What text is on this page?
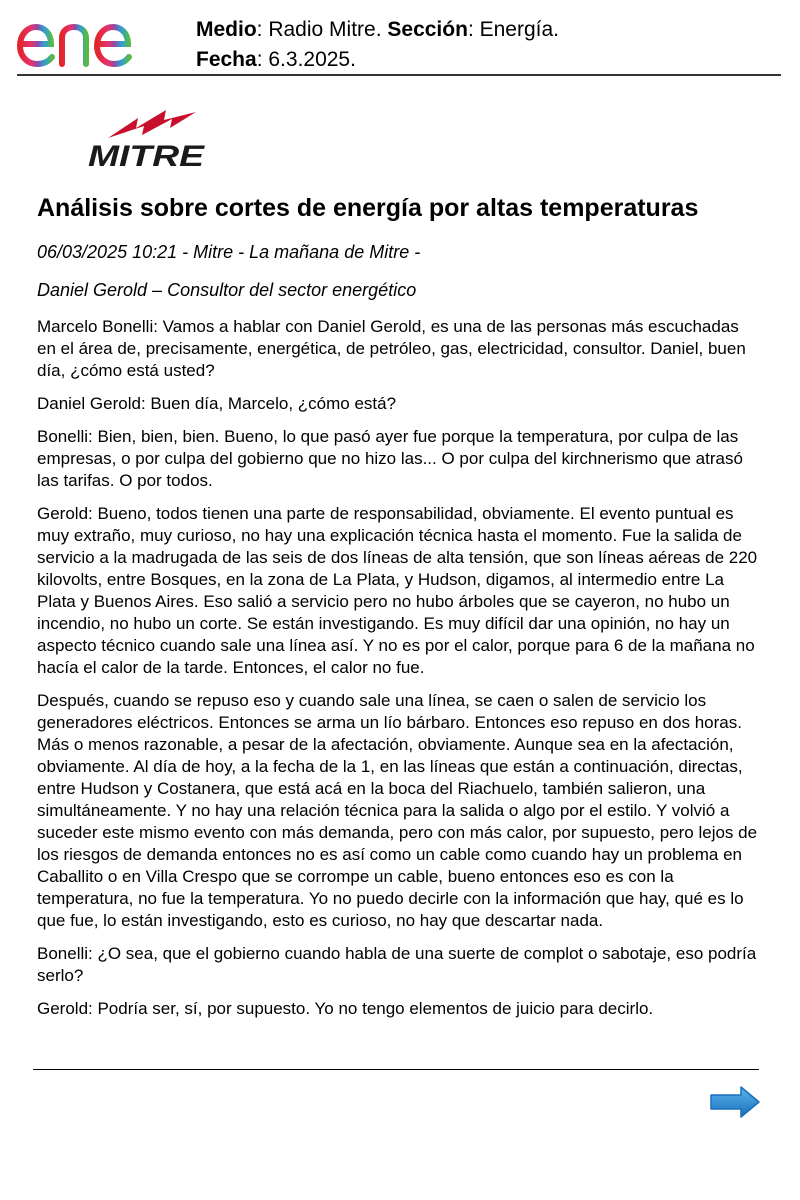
Medio: Radio Mitre. Sección: Energía.
Fecha: 6.3.2025.
MITRE
Análisis sobre cortes de energía por altas temperaturas

06/03/2025 10:21 - Mitre - La mañana de Mitre -

Daniel Gerold – Consultor del sector energético

Marcelo Bonelli: Vamos a hablar con Daniel Gerold, es una de las personas más escuchadas en el área de, precisamente, energética, de petróleo, gas, electricidad, consultor. Daniel, buen día, ¿cómo está usted?

Daniel Gerold: Buen día, Marcelo, ¿cómo está?

Bonelli: Bien, bien, bien. Bueno, lo que pasó ayer fue porque la temperatura, por culpa de las empresas, o por culpa del gobierno que no hizo las... O por culpa del kirchnerismo que atrasó las tarifas. O por todos.

Gerold: Bueno, todos tienen una parte de responsabilidad, obviamente. El evento puntual es muy extraño, muy curioso, no hay una explicación técnica hasta el momento. Fue la salida de servicio a la madrugada de las seis de dos líneas de alta tensión, que son líneas aéreas de 220 kilovolts, entre Bosques, en la zona de La Plata, y Hudson, digamos, al intermedio entre La Plata y Buenos Aires. Eso salió a servicio pero no hubo árboles que se cayeron, no hubo un incendio, no hubo un corte. Se están investigando. Es muy difícil dar una opinión, no hay un aspecto técnico cuando sale una línea así. Y no es por el calor, porque para 6 de la mañana no hacía el calor de la tarde. Entonces, el calor no fue.

Después, cuando se repuso eso y cuando sale una línea, se caen o salen de servicio los generadores eléctricos. Entonces se arma un lío bárbaro. Entonces eso repuso en dos horas. Más o menos razonable, a pesar de la afectación, obviamente. Aunque sea en la afectación, obviamente. Al día de hoy, a la fecha de la 1, en las líneas que están a continuación, directas, entre Hudson y Costanera, que está acá en la boca del Riachuelo, también salieron, una simultáneamente. Y no hay una relación técnica para la salida o algo por el estilo. Y volvió a suceder este mismo evento con más demanda, pero con más calor, por supuesto, pero lejos de los riesgos de demanda entonces no es así como un cable como cuando hay un problema en Caballito o en Villa Crespo que se corrompe un cable, bueno entonces eso es con la temperatura, no fue la temperatura. Yo no puedo decirle con la información que hay, qué es lo que fue, lo están investigando, esto es curioso, no hay que descartar nada.

Bonelli: ¿O sea, que el gobierno cuando habla de una suerte de complot o sabotaje, eso podría serlo?

Gerold: Podría ser, sí, por supuesto. Yo no tengo elementos de juicio para decirlo.
